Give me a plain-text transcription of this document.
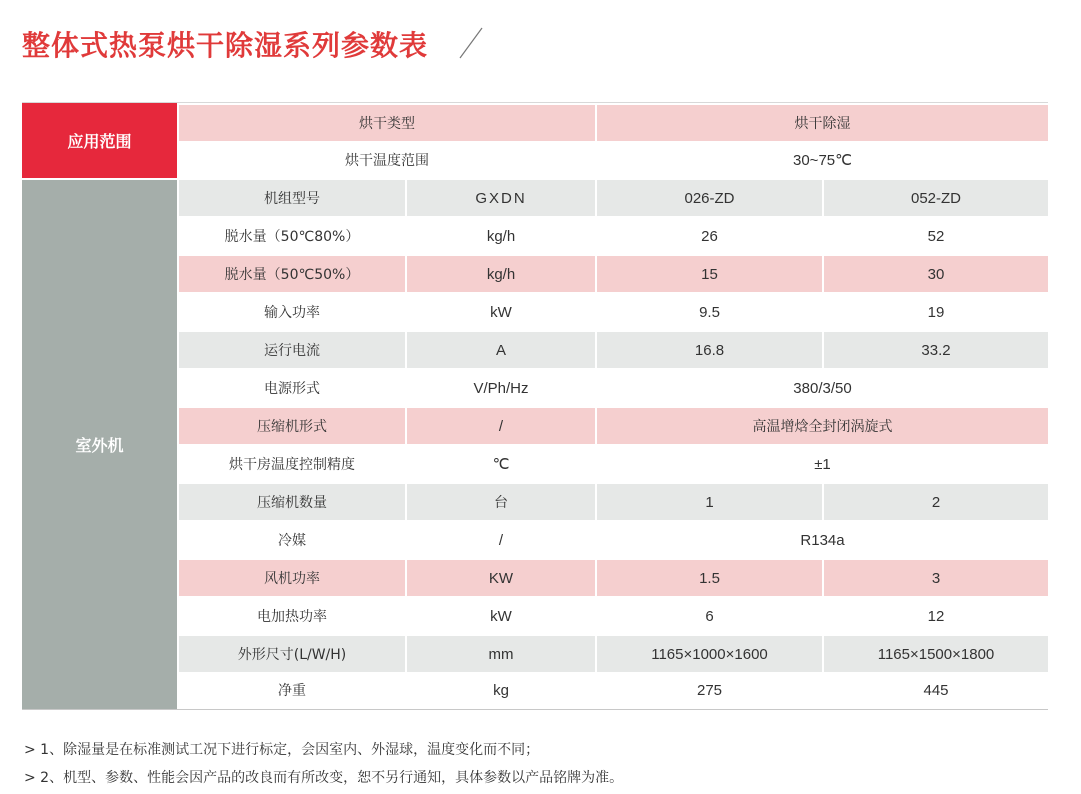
整体式热泵烘干除湿系列参数表
应用范围
室外机
烘干类型	烘干除湿
烘干温度范围	30~75℃
机组型号	GXDN	026-ZD	052-ZD
脱水量（50℃80%）	kg/h	26	52
脱水量（50℃50%）	kg/h	15	30
输入功率	kW	9.5	19
运行电流	A	16.8	33.2
电源形式	V/Ph/Hz	380/3/50
压缩机形式	/	高温增焓全封闭涡旋式
烘干房温度控制精度	℃	±1
压缩机数量	台	1	2
冷媒	/	R134a
风机功率	KW	1.5	3
电加热功率	kW	6	12
外形尺寸(L/W/H)	mm	1165×1000×1600	1165×1500×1800
净重	kg	275	445
> 1、除湿量是在标准测试工况下进行标定，会因室内、外湿球，温度变化而不同；
> 2、机型、参数、性能会因产品的改良而有所改变，恕不另行通知，具体参数以产品铭牌为准。
